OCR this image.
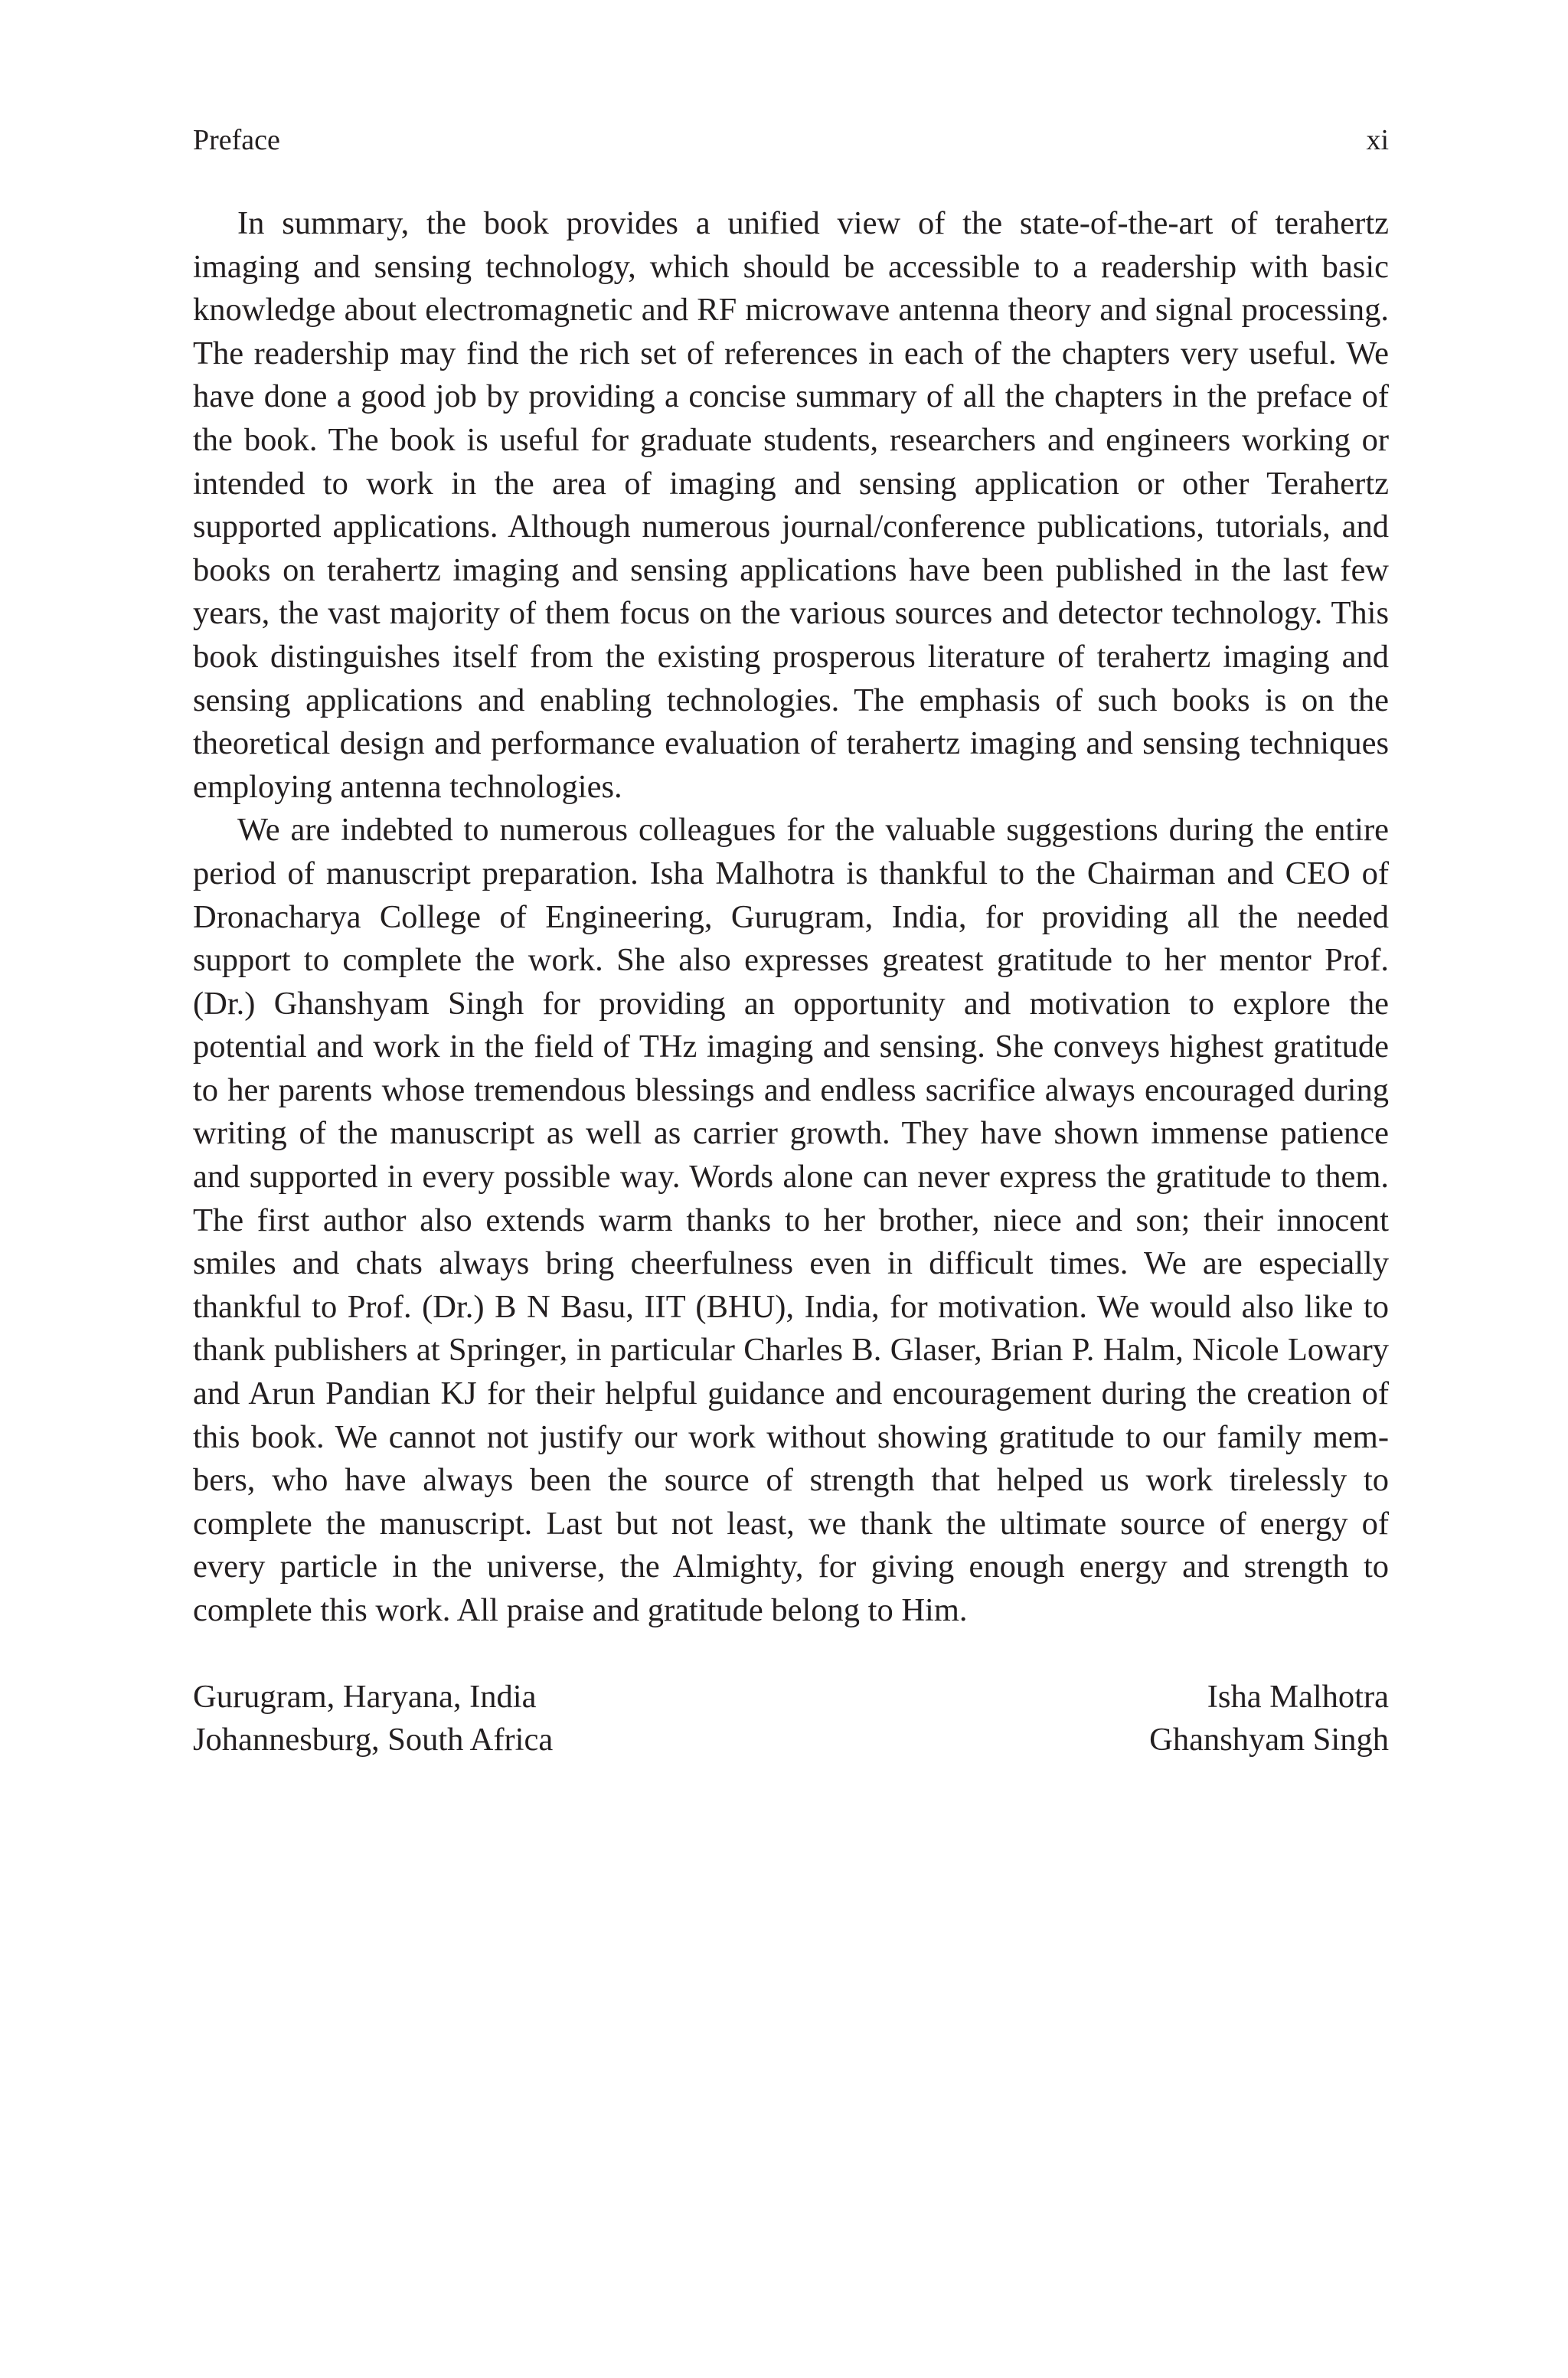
Preface	xi

In summary, the book provides a unified view of the state-of-the-art of terahertz imaging and sensing technology, which should be accessible to a readership with basic knowledge about electromagnetic and RF microwave antenna theory and signal processing. The readership may find the rich set of references in each of the chapters very useful. We have done a good job by providing a concise summary of all the chapters in the preface of the book. The book is useful for graduate students, researchers and engineers working or intended to work in the area of imaging and sensing application or other Terahertz supported applications. Although numerous journal/conference publications, tutorials, and books on terahertz imaging and sensing applications have been published in the last few years, the vast majority of them focus on the various sources and detector technology. This book distinguishes itself from the existing prosperous literature of terahertz imaging and sensing applications and enabling technologies. The emphasis of such books is on the theoretical design and performance evaluation of terahertz imaging and sensing techniques employing antenna technologies.

We are indebted to numerous colleagues for the valuable suggestions during the entire period of manuscript preparation. Isha Malhotra is thankful to the Chairman and CEO of Dronacharya College of Engineering, Gurugram, India, for providing all the needed support to complete the work. She also expresses greatest gratitude to her mentor Prof. (Dr.) Ghanshyam Singh for providing an opportunity and motivation to explore the potential and work in the field of THz imaging and sensing. She conveys highest gratitude to her parents whose tremendous blessings and endless sacrifice always encouraged during writing of the manuscript as well as carrier growth. They have shown immense patience and supported in every possible way. Words alone can never express the gratitude to them. The first author also extends warm thanks to her brother, niece and son; their innocent smiles and chats always bring cheerfulness even in difficult times. We are especially thankful to Prof. (Dr.) B N Basu, IIT (BHU), India, for motivation. We would also like to thank publishers at Springer, in particular Charles B. Glaser, Brian P. Halm, Nicole Lowary and Arun Pandian KJ for their helpful guidance and encouragement during the creation of this book. We cannot not justify our work without showing gratitude to our family members, who have always been the source of strength that helped us work tirelessly to complete the manuscript. Last but not least, we thank the ultimate source of energy of every particle in the universe, the Almighty, for giving enough energy and strength to complete this work. All praise and gratitude belong to Him.

Gurugram, Haryana, India
Johannesburg, South Africa
Isha Malhotra
Ghanshyam Singh
